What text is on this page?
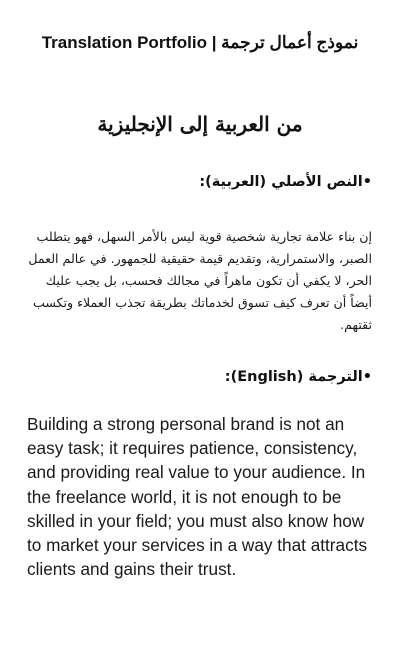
نموذج أعمال ترجمة | Translation Portfolio
من العربية إلى الإنجليزية
•النص الأصلي (العربية):
إن بناء علامة تجارية شخصية قوية ليس بالأمر السهل، فهو يتطلب الصبر، والاستمرارية، وتقديم قيمة حقيقية للجمهور. في عالم العمل الحر، لا يكفي أن تكون ماهراً في مجالك فحسب، بل يجب عليك أيضاً أن تعرف كيف تسوق لخدماتك بطريقة تجذب العملاء وتكسب ثقتهم.
•الترجمة (English):
Building a strong personal brand is not an easy task; it requires patience, consistency, and providing real value to your audience. In the freelance world, it is not enough to be skilled in your field; you must also know how to market your services in a way that attracts clients and gains their trust.
